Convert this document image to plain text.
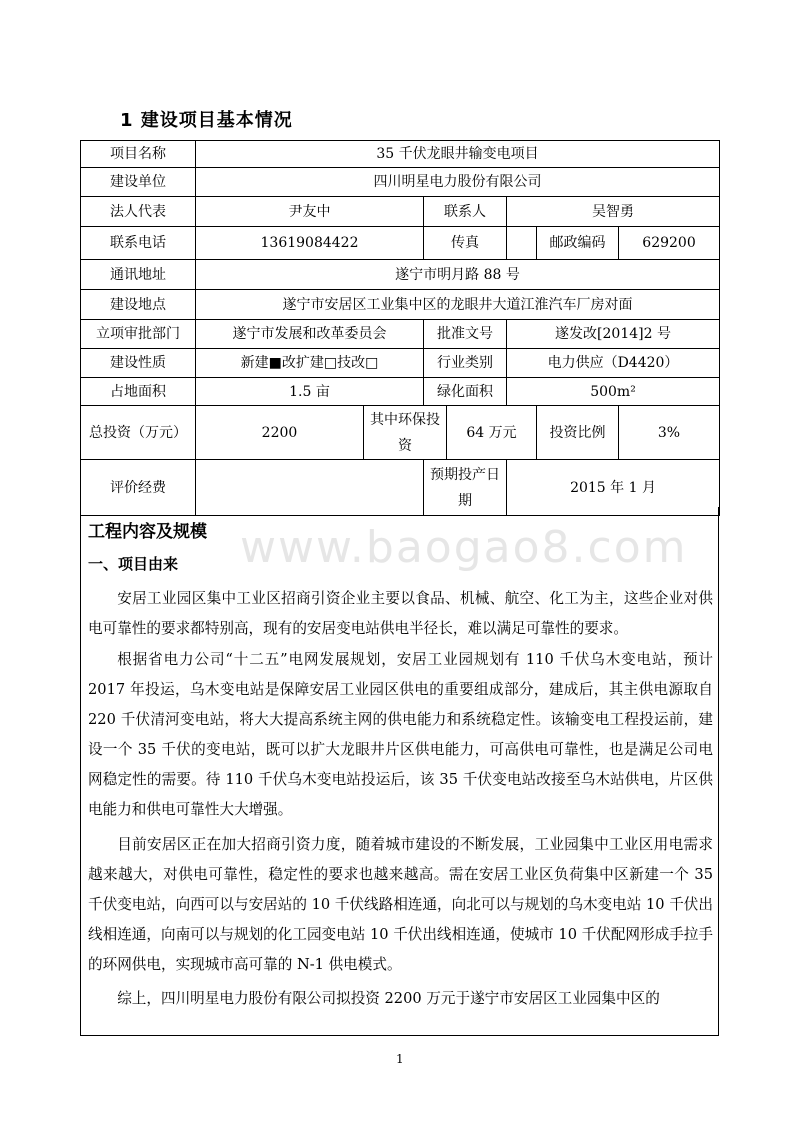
1 建设项目基本情况
项目名称	35 千伏龙眼井输变电项目						
建设单位	四川明星电力股份有限公司						
法人代表	尹友中		联系人		吴智勇		
联系电话	13619084422		传真			邮政编码	629200
通讯地址	遂宁市明月路 88 号						
建设地点	遂宁市安居区工业集中区的龙眼井大道江淮汽车厂房对面						
立项审批部门	遂宁市发展和改革委员会		批准文号		遂发改[2014]2 号		
建设性质	新建■改扩建□技改□		行业类别		电力供应（D4420）		
占地面积	1.5 亩		绿化面积		500m²		
总投资（万元）	2200	其中环保投资		64 万元		投资比例	3%
评价经费			预期投产日期		2015 年 1 月		
www.baogao8.com
工程内容及规模
一、项目由来

安居工业园区集中工业区招商引资企业主要以食品、机械、航空、化工为主，这些企业对供电可靠性的要求都特别高，现有的安居变电站供电半径长，难以满足可靠性的要求。

根据省电力公司“十二五”电网发展规划，安居工业园规划有 110 千伏乌木变电站，预计 2017 年投运，乌木变电站是保障安居工业园区供电的重要组成部分，建成后，其主供电源取自 220 千伏清河变电站，将大大提高系统主网的供电能力和系统稳定性。该输变电工程投运前，建设一个 35 千伏的变电站，既可以扩大龙眼井片区供电能力，可高供电可靠性，也是满足公司电网稳定性的需要。待 110 千伏乌木变电站投运后，该 35 千伏变电站改接至乌木站供电，片区供电能力和供电可靠性大大增强。

目前安居区正在加大招商引资力度，随着城市建设的不断发展，工业园集中工业区用电需求越来越大，对供电可靠性，稳定性的要求也越来越高。需在安居工业区负荷集中区新建一个 35 千伏变电站，向西可以与安居站的 10 千伏线路相连通，向北可以与规划的乌木变电站 10 千伏出线相连通，向南可以与规划的化工园变电站 10 千伏出线相连通，使城市 10 千伏配网形成手拉手的环网供电，实现城市高可靠的 N-1 供电模式。

综上，四川明星电力股份有限公司拟投资 2200 万元于遂宁市安居区工业园集中区的

1
